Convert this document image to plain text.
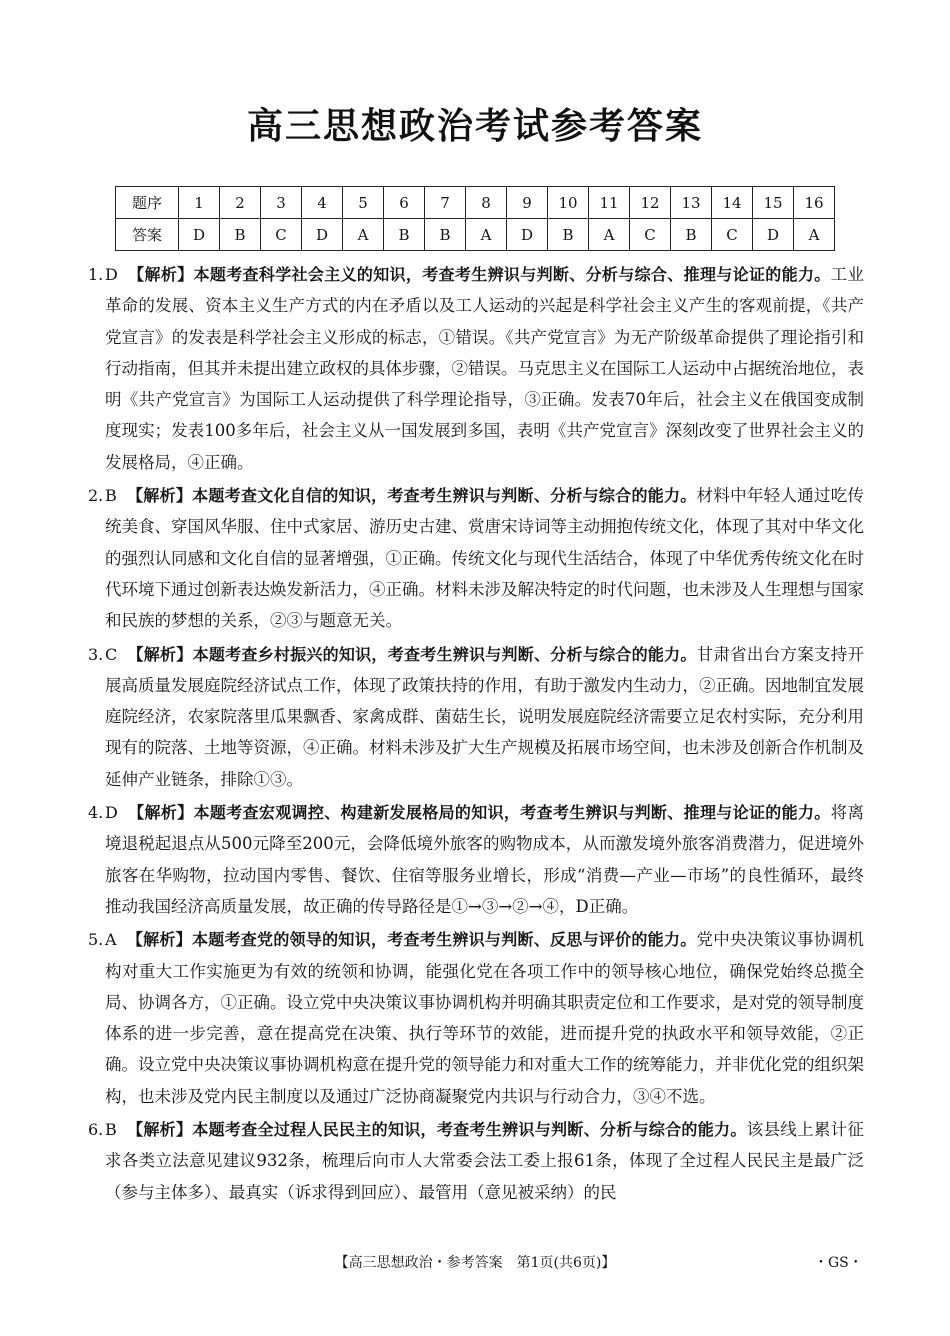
高三思想政治考试参考答案
题序	1	2	3	4	5	6	7	8	9	10	11	12	13	14	15	16
答案	D	B	C	D	A	B	B	A	D	B	A	C	B	C	D	A
1. D 【解析】本题考查科学社会主义的知识，考查考生辨识与判断、分析与综合、推理与论证的能力。工业革命的发展、资本主义生产方式的内在矛盾以及工人运动的兴起是科学社会主义产生的客观前提，《共产党宣言》的发表是科学社会主义形成的标志，①错误。《共产党宣言》为无产阶级革命提供了理论指引和行动指南，但其并未提出建立政权的具体步骤，②错误。马克思主义在国际工人运动中占据统治地位，表明《共产党宣言》为国际工人运动提供了科学理论指导，③正确。发表70年后，社会主义在俄国变成制度现实；发表100多年后，社会主义从一国发展到多国，表明《共产党宣言》深刻改变了世界社会主义的发展格局，④正确。
2. B 【解析】本题考查文化自信的知识，考查考生辨识与判断、分析与综合的能力。材料中年轻人通过吃传统美食、穿国风华服、住中式家居、游历史古建、赏唐宋诗词等主动拥抱传统文化，体现了其对中华文化的强烈认同感和文化自信的显著增强，①正确。传统文化与现代生活结合，体现了中华优秀传统文化在时代环境下通过创新表达焕发新活力，④正确。材料未涉及解决特定的时代问题，也未涉及人生理想与国家和民族的梦想的关系，②③与题意无关。
3. C 【解析】本题考查乡村振兴的知识，考查考生辨识与判断、分析与综合的能力。甘肃省出台方案支持开展高质量发展庭院经济试点工作，体现了政策扶持的作用，有助于激发内生动力，②正确。因地制宜发展庭院经济，农家院落里瓜果飘香、家禽成群、菌菇生长，说明发展庭院经济需要立足农村实际，充分利用现有的院落、土地等资源，④正确。材料未涉及扩大生产规模及拓展市场空间，也未涉及创新合作机制及延伸产业链条，排除①③。
4. D 【解析】本题考查宏观调控、构建新发展格局的知识，考查考生辨识与判断、推理与论证的能力。将离境退税起退点从500元降至200元，会降低境外旅客的购物成本，从而激发境外旅客消费潜力，促进境外旅客在华购物，拉动国内零售、餐饮、住宿等服务业增长，形成“消费—产业—市场”的良性循环，最终推动我国经济高质量发展，故正确的传导路径是①→③→②→④，D正确。
5. A 【解析】本题考查党的领导的知识，考查考生辨识与判断、反思与评价的能力。党中央决策议事协调机构对重大工作实施更为有效的统领和协调，能强化党在各项工作中的领导核心地位，确保党始终总揽全局、协调各方，①正确。设立党中央决策议事协调机构并明确其职责定位和工作要求，是对党的领导制度体系的进一步完善，意在提高党在决策、执行等环节的效能，进而提升党的执政水平和领导效能，②正确。设立党中央决策议事协调机构意在提升党的领导能力和对重大工作的统筹能力，并非优化党的组织架构，也未涉及党内民主制度以及通过广泛协商凝聚党内共识与行动合力，③④不选。
6. B 【解析】本题考查全过程人民民主的知识，考查考生辨识与判断、分析与综合的能力。该县线上累计征求各类立法意见建议932条，梳理后向市人大常委会法工委上报61条，体现了全过程人民民主是最广泛（参与主体多）、最真实（诉求得到回应）、最管用（意见被采纳）的民
【高三思想政治・参考答案　第1页(共6页)】	・GS・
